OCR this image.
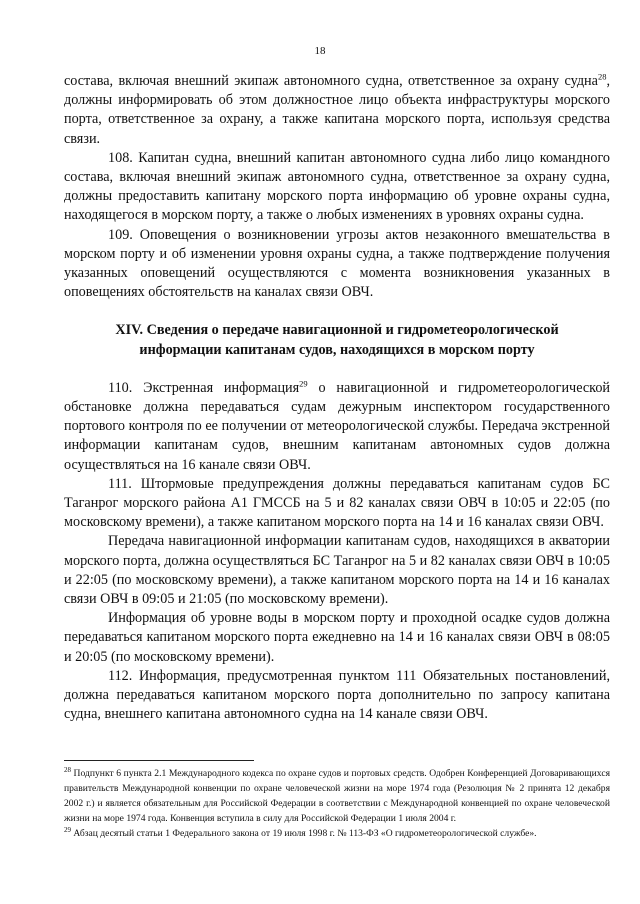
18

состава, включая внешний экипаж автономного судна, ответственное за охрану судна$^{28}$, должны информировать об этом должностное лицо объекта инфраструктуры морского порта, ответственное за охрану, а также капитана морского порта, используя средства связи.

108. Капитан судна, внешний капитан автономного судна либо лицо командного состава, включая внешний экипаж автономного судна, ответственное за охрану судна, должны предоставить капитану морского порта информацию об уровне охраны судна, находящегося в морском порту, а также о любых изменениях в уровнях охраны судна.

109. Оповещения о возникновении угрозы актов незаконного вмешательства в морском порту и об изменении уровня охраны судна, а также подтверждение получения указанных оповещений осуществляются с момента возникновения указанных в оповещениях обстоятельств на каналах связи ОВЧ.

XIV. Сведения о передаче навигационной и гидрометеорологической
информации капитанам судов, находящихся в морском порту

110. Экстренная информация$^{29}$ о навигационной и гидрометеорологической обстановке должна передаваться судам дежурным инспектором государственного портового контроля по ее получении от метеорологической службы. Передача экстренной информации капитанам судов, внешним капитанам автономных судов должна осуществляться на 16 канале связи ОВЧ.

111. Штормовые предупреждения должны передаваться капитанам судов БС Таганрог морского района А1 ГМССБ на 5 и 82 каналах связи ОВЧ в 10:05 и 22:05 (по московскому времени), а также капитаном морского порта на 14 и 16 каналах связи ОВЧ.

Передача навигационной информации капитанам судов, находящихся в акватории морского порта, должна осуществляться БС Таганрог на 5 и 82 каналах связи ОВЧ в 10:05 и 22:05 (по московскому времени), а также капитаном морского порта на 14 и 16 каналах связи ОВЧ в 09:05 и 21:05 (по московскому времени).

Информация об уровне воды в морском порту и проходной осадке судов должна передаваться капитаном морского порта ежедневно на 14 и 16 каналах связи ОВЧ в 08:05 и 20:05 (по московскому времени).

112. Информация, предусмотренная пунктом 111 Обязательных постановлений, должна передаваться капитаном морского порта дополнительно по запросу капитана судна, внешнего капитана автономного судна на 14 канале связи ОВЧ.

$^{28}$ Подпункт 6 пункта 2.1 Международного кодекса по охране судов и портовых средств. Одобрен Конференцией Договаривающихся правительств Международной конвенции по охране человеческой жизни на море 1974 года (Резолюция № 2 принята 12 декабря 2002 г.) и является обязательным для Российской Федерации в соответствии с Международной конвенцией по охране человеческой жизни на море 1974 года. Конвенция вступила в силу для Российской Федерации 1 июля 2004 г.

$^{29}$ Абзац десятый статьи 1 Федерального закона от 19 июля 1998 г. № 113-ФЗ «О гидрометеорологической службе».
